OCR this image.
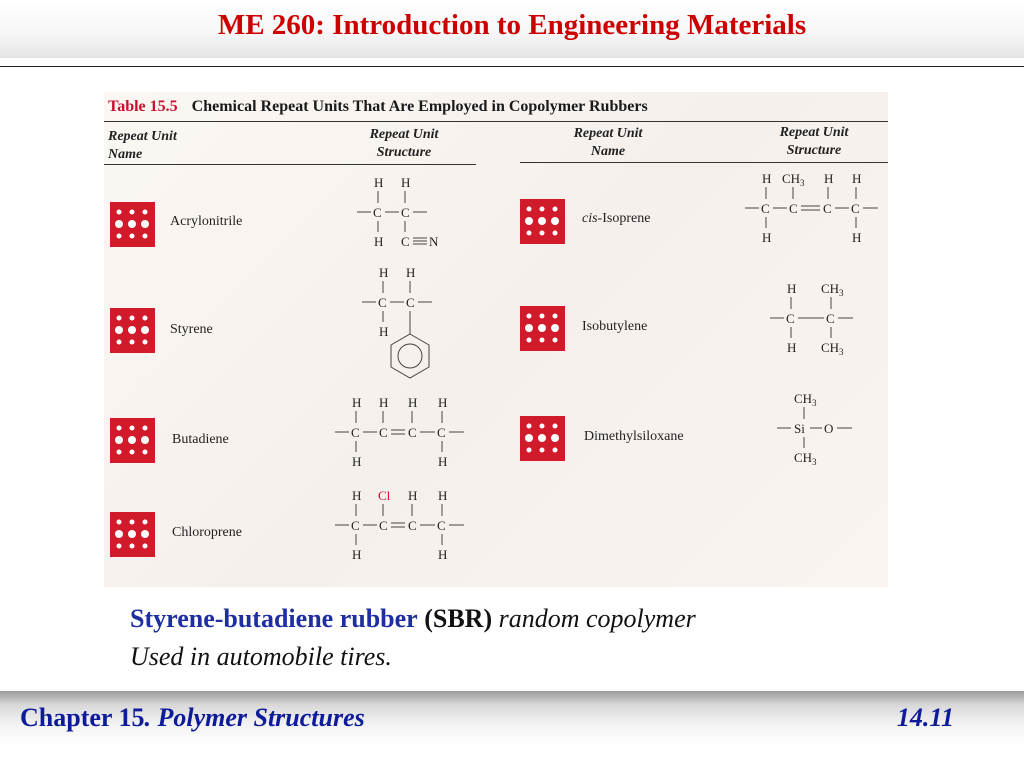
ME 260: Introduction to Engineering Materials
Table 15.5 Chemical Repeat Units That Are Employed in Copolymer Rubbers
Repeat Unit
Name
Repeat Unit
Structure
Repeat Unit
Name
Repeat Unit
Structure
Acrylonitrile
H H
C C
H C N
Styrene
H H
C C
H
Butadiene
H H H H
C C C C
H	H
Chloroprene
H Cl H H
C C C C
H	H
cis-Isoprene
H CH 3 H H
C C C C
H	H
Isobutylene
H CH 3
C C
H CH 3
Dimethylsiloxane
CH 3
Si O
CH 3
Styrene-butadiene rubber (SBR) random copolymer
Used in automobile tires.
Chapter 15. Polymer Structures	14.11
